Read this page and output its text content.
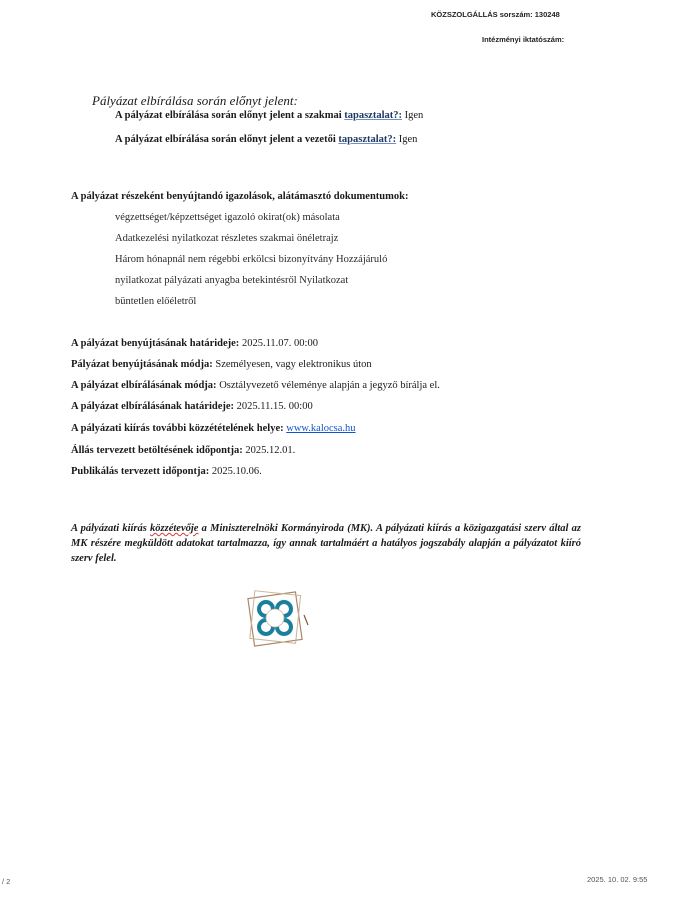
KÖZSZOLGÁLLÁS sorszám: 130248
Intézményi iktatószám:
Pályázat elbírálása során előnyt jelent:
A pályázat elbírálása során előnyt jelent a szakmai tapasztalat?: Igen
A pályázat elbírálása során előnyt jelent a vezetői tapasztalat?: Igen
A pályázat részeként benyújtandó igazolások, alátámasztó dokumentumok:
végzettséget/képzettséget igazoló okirat(ok) másolata
Adatkezelési nyilatkozat részletes szakmai önéletrajz
Három hónapnál nem régebbi erkölcsi bizonyítvány Hozzájáruló
nyilatkozat pályázati anyagba betekintésről Nyilatkozat
büntetlen előéletről
A pályázat benyújtásának határideje: 2025.11.07. 00:00
Pályázat benyújtásának módja: Személyesen, vagy elektronikus úton
A pályázat elbírálásának módja: Osztályvezető véleménye alapján a jegyző bírálja el.
A pályázat elbírálásának határideje: 2025.11.15. 00:00
A pályázati kiírás további közzétételének helye: www.kalocsa.hu
Állás tervezett betöltésének időpontja: 2025.12.01.
Publikálás tervezett időpontja: 2025.10.06.
A pályázati kiírás közzétevője a Miniszterelnöki Kormányiroda (MK). A pályázati kiírás a közigazgatási szerv által az MK részére megküldött adatokat tartalmazza, így annak tartalmáért a hatályos jogszabály alapján a pályázatot kiíró szerv felel.
/ 2	2025. 10. 02. 9:55
